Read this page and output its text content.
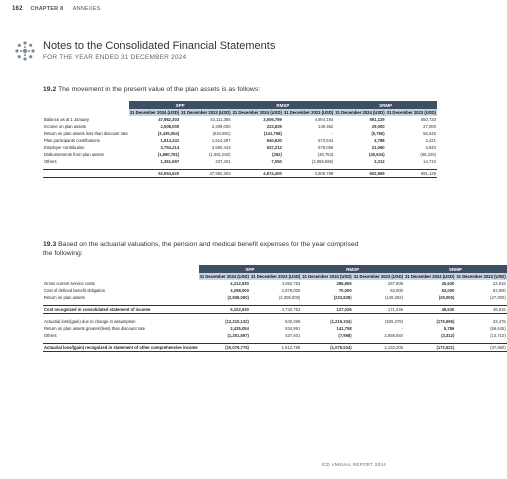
162 CHAPTER 8 ANNEXES
Notes to the Consolidated Financial Statements
FOR THE YEAR ENDED 31 DECEMBER 2024
19.2 The movement in the present value of the plan assets is as follows:
	SPP		RMSP		SRMP	
	31 December 2024 (USD)	31 December 2023 (USD)	31 December 2024 (USD)	31 December 2023 (USD)	31 December 2024 (USD)	31 December 2023 (USD)
Balance as at 1 January	47,982,303	43,111,365	3,506,789	4,904,184	591,129	550,733
Income on plan assets	2,508,000	2,309,000	223,839	149,362	29,000	27,000
Return on plan assets less than discount rate	(3,435,054)	(634,991)	(141,758)	-	(5,786)	56,645
Plan participants contributions	1,614,241	1,514,287	640,630	573,544	4,788	2,421
Employer contribution	3,794,214	3,590,443	637,212	578,056	21,060	4,840
Disbursements from plan assets	(1,890,781)	(1,581,020)	(262)	(39,753)	(40,634)	(65,225)
Others	1,361,697	437,401	7,050	(2,659,566)	3,312	14,710

	52,554,620	47,982,303	4,874,400	3,506,789	602,869	591,129
19.3 Based on the actuarial valuations, the pension and medical benefit expenses for the year comprised the following:
	SPP		RMSP		SRMP	
	31 December 2024 (USD)	31 December 2023 (USD)	31 December 2024 (USD)	31 December 2023 (USD)	31 December 2024 (USD)	31 December 2023 (USD)
Gross current service costs	4,312,930	4,062,753	286,865	267,808	25,630	23,915
Cost of defined benefit obligation	3,298,000	2,979,000	70,000	53,000	53,000	52,000
Return on plan assets	(2,508,000)	(2,309,000)	(223,839)	(149,362)	(29,000)	(27,000)

Cost recognized in consolidated statement of income	5,102,930	4,732,753	127,026	171,246	49,630	48,915

Actuarial loss/(gain) due to change in assumption	(12,210,132)	540,396	(1,219,334)	(525,379)	(175,695)	33,475
Return on plan assets greater/(less) than discount rate	3,435,054	634,991	141,758	-	5,786	(56,645)
Others	(1,301,697)	437,401	(7,958)	2,658,584	(3,312)	(14,710)

Actuarial loss/(gain) recognized in statement of other comprehensive income	(10,076,775)	1,612,788	(1,076,534)	2,133,205	(172,621)	(37,880)
ICD ANNUAL REPORT 2024
